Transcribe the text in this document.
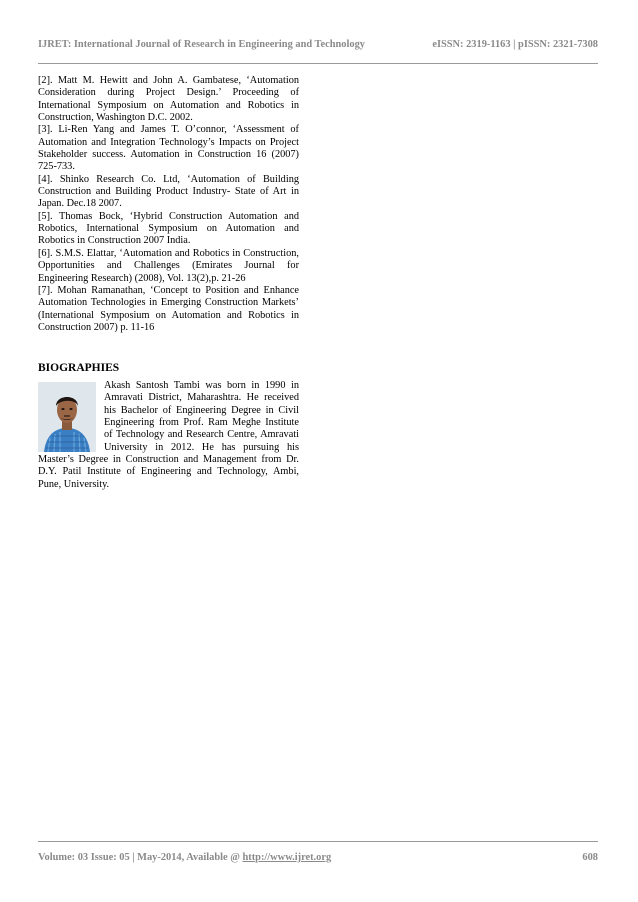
IJRET: International Journal of Research in Engineering and Technology	eISSN: 2319-1163 | pISSN: 2321-7308

[2]. Matt M. Hewitt and John A. Gambatese, ‘Automation Consideration during Project Design.’ Proceeding of International Symposium on Automation and Robotics in Construction, Washington D.C. 2002.

[3]. Li-Ren Yang and James T. O’connor, ‘Assessment of Automation and Integration Technology’s Impacts on Project Stakeholder success. Automation in Construction 16 (2007) 725-733.

[4]. Shinko Research Co. Ltd, ‘Automation of Building Construction and Building Product Industry- State of Art in Japan. Dec.18 2007.

[5]. Thomas Bock, ‘Hybrid Construction Automation and Robotics, International Symposium on Automation and Robotics in Construction 2007 India.

[6]. S.M.S. Elattar, ‘Automation and Robotics in Construction, Opportunities and Challenges (Emirates Journal for Engineering Research) (2008), Vol. 13(2),p. 21-26

[7]. Mohan Ramanathan, ‘Concept to Position and Enhance Automation Technologies in Emerging Construction Markets’ (International Symposium on Automation and Robotics in Construction 2007) p. 11-16

BIOGRAPHIES

Akash Santosh Tambi was born in 1990 in Amravati District, Maharashtra. He received his Bachelor of Engineering Degree in Civil Engineering from Prof. Ram Meghe Institute of Technology and Research Centre, Amravati University in 2012. He has pursuing his Master’s Degree in Construction and Management from Dr. D.Y. Patil Institute of Engineering and Technology, Ambi, Pune, University.

Volume: 03 Issue: 05 | May-2014, Available @ http://www.ijret.org	608
